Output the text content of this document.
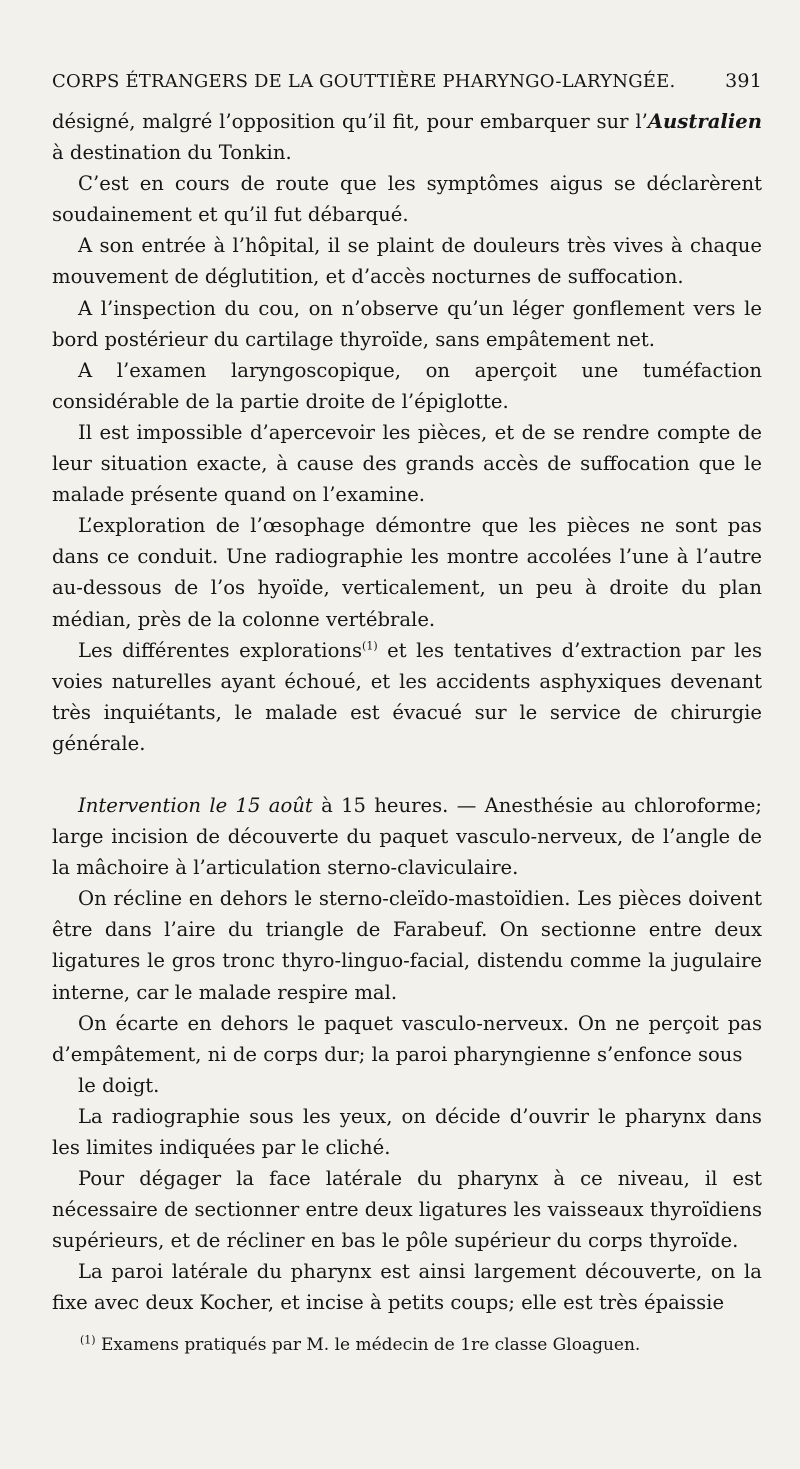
CORPS ÉTRANGERS DE LA GOUTTIÈRE PHARYNGO-LARYNGÉE.	391

désigné, malgré l’opposition qu’il fit, pour embarquer sur l’Australien à destination du Tonkin.

C’est en cours de route que les symptômes aigus se déclarèrent soudainement et qu’il fut débarqué.

A son entrée à l’hôpital, il se plaint de douleurs très vives à chaque mouvement de déglutition, et d’accès nocturnes de suffocation.

A l’inspection du cou, on n’observe qu’un léger gonflement vers le bord postérieur du cartilage thyroïde, sans empâtement net.

A l’examen laryngoscopique, on aperçoit une tuméfaction considérable de la partie droite de l’épiglotte.

Il est impossible d’apercevoir les pièces, et de se rendre compte de leur situation exacte, à cause des grands accès de suffocation que le malade présente quand on l’examine.

L’exploration de l’œsophage démontre que les pièces ne sont pas dans ce conduit. Une radiographie les montre accolées l’une à l’autre au-dessous de l’os hyoïde, verticalement, un peu à droite du plan médian, près de la colonne vertébrale.

Les différentes explorations$^{(1)}$ et les tentatives d’extraction par les voies naturelles ayant échoué, et les accidents asphyxiques devenant très inquiétants, le malade est évacué sur le service de chirurgie générale.

Intervention le 15 août à 15 heures. — Anesthésie au chloroforme; large incision de découverte du paquet vasculo-nerveux, de l’angle de la mâchoire à l’articulation sterno-claviculaire.

On récline en dehors le sterno-cleïdo-mastoïdien. Les pièces doivent être dans l’aire du triangle de Farabeuf. On sectionne entre deux ligatures le gros tronc thyro-linguo-facial, distendu comme la jugulaire interne, car le malade respire mal.

On écarte en dehors le paquet vasculo-nerveux. On ne perçoit pas d’empâtement, ni de corps dur; la paroi pharyngienne s’enfonce sous

le doigt.

La radiographie sous les yeux, on décide d’ouvrir le pharynx dans les limites indiquées par le cliché.

Pour dégager la face latérale du pharynx à ce niveau, il est nécessaire de sectionner entre deux ligatures les vaisseaux thyroïdiens supérieurs, et de récliner en bas le pôle supérieur du corps thyroïde.

La paroi latérale du pharynx est ainsi largement découverte, on la fixe avec deux Kocher, et incise à petits coups; elle est très épaissie

$^{(1)}$ Examens pratiqués par M. le médecin de 1re classe Gloaguen.
